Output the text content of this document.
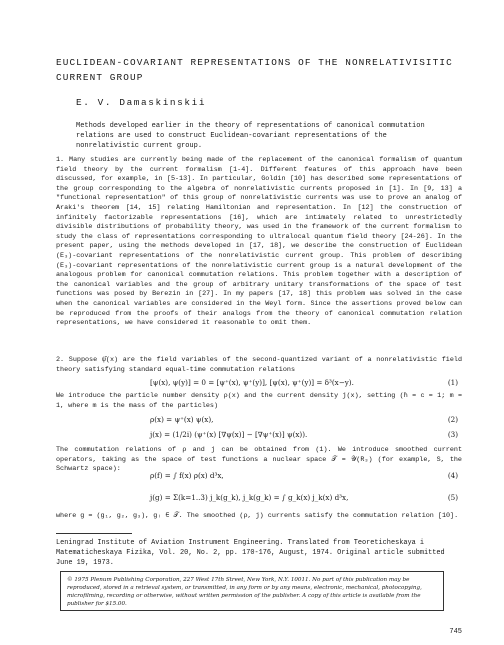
EUCLIDEAN-COVARIANT REPRESENTATIONS OF THE NONRELATIVISITIC CURRENT GROUP
E. V. Damaskinskii
Methods developed earlier in the theory of representations of canonical commutation relations are used to construct Euclidean-covariant representations of the nonrelativistic current group.
1. Many studies are currently being made of the replacement of the canonical formalism of quantum field theory by the current formalism [1-4]. Different features of this approach have been discussed, for example, in [5-13]. In particular, Goldin [10] has described some representations of the group corresponding to the algebra of nonrelativistic currents proposed in [1]. In [9, 13] a "functional representation" of this group of nonrelativistic currents was use to prove an analog of Araki's theorem [14, 15] relating Hamiltonian and representation. In [12] the construction of infinitely factorizable representations [16], which are intimately related to unrestrictedly divisible distributions of probability theory, was used in the framework of the current formalism to study the class of representations corresponding to ultralocal quantum field theory [24-26]. In the present paper, using the methods developed in [17, 18], we describe the construction of Euclidean (E₃)-covariant representations of the nonrelativistic current group. This problem of describing (E₃)-covariant representations of the nonrelativistic current group is a natural development of the analogous problem for canonical commutation relations. This problem together with a description of the canonical variables and the group of arbitrary unitary transformations of the space of test functions was posed by Berezin in [27]. In my papers [17, 18] this problem was solved in the case when the canonical variables are considered in the Weyl form. Since the assertions proved below can be reproduced from the proofs of their analogs from the theory of canonical commutation relation representations, we have considered it reasonable to omit them.
2. Suppose ψ̂(x) are the field variables of the second-quantized variant of a nonrelativistic field theory satisfying standard equal-time commutation relations
[ψ(x), ψ(y)] = 0 = [ψ⁺(x), ψ⁺(y)], [ψ(x), ψ⁺(y)] = δ³(x−y).	(1)
We introduce the particle number density ρ(x) and the current density j(x), setting (ħ = c = 1; m = 1, where m is the mass of the particles)
ρ(x) = ψ⁺(x) ψ(x),	(2)
j(x) = (1/2i) (ψ⁺(x) [∇ψ(x)] − [∇ψ⁺(x)] ψ(x)).	(3)
The commutation relations of ρ and j can be obtained from (1). We introduce smoothed current operators, taking as the space of test functions a nuclear space 𝒯 = 𝒴(R₃) (for example, S, the Schwartz space):
ρ(f) = ∫ f(x) ρ(x) d³x,	(4)
j(g) = Σ(k=1..3) j_k(g_k), j_k(g_k) = ∫ g_k(x) j_k(x) d³x,	(5)
where g = (g₁, g₂, g₃), gᵢ ∈ 𝒯. The smoothed (ρ, j) currents satisfy the commutation relation [10].
Leningrad Institute of Aviation Instrument Engineering. Translated from Teoreticheskaya i Matematicheskaya Fizika, Vol. 20, No. 2, pp. 170-176, August, 1974. Original article submitted June 19, 1973.
© 1975 Plenum Publishing Corporation, 227 West 17th Street, New York, N.Y. 10011. No part of this publication may be reproduced, stored in a retrieval system, or transmitted, in any form or by any means, electronic, mechanical, photocopying, microfilming, recording or otherwise, without written permission of the publisher. A copy of this article is available from the publisher for $15.00.
745
